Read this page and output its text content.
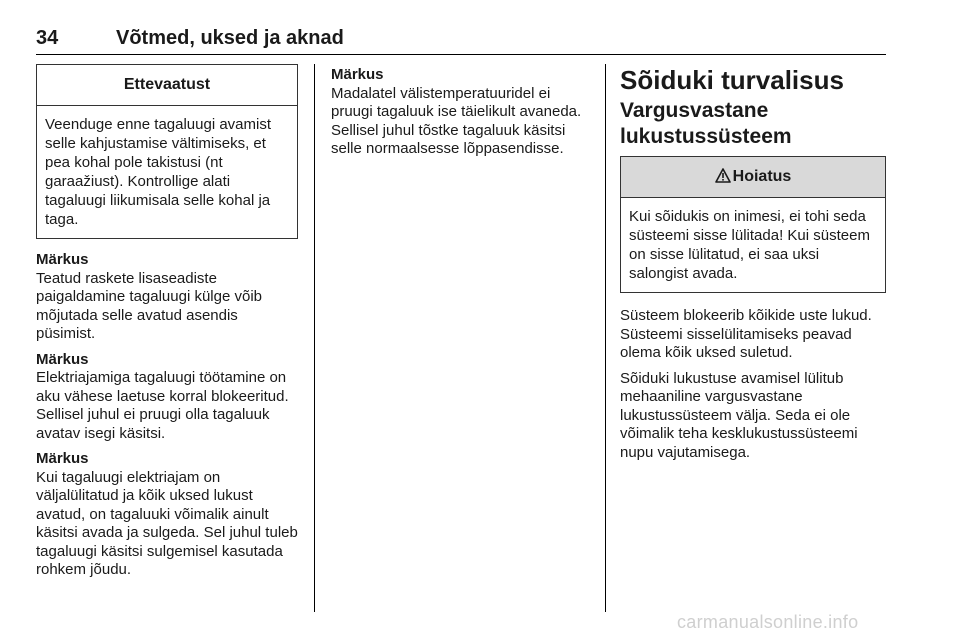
34	Võtmed, uksed ja aknad
Ettevaatust
Veenduge enne tagaluugi avamist selle kahjustamise vältimiseks, et pea kohal pole takistusi (nt garaažiust). Kontrollige alati tagaluugi liikumisala selle kohal ja taga.
Märkus
Teatud raskete lisaseadiste paigaldamine tagaluugi külge võib mõjutada selle avatud asendis püsimist.
Märkus
Elektriajamiga tagaluugi töötamine on aku vähese laetuse korral blokeeritud. Sellisel juhul ei pruugi olla tagaluuk avatav isegi käsitsi.
Märkus
Kui tagaluugi elektriajam on väljalülitatud ja kõik uksed lukust avatud, on tagaluuki võimalik ainult käsitsi avada ja sulgeda. Sel juhul tuleb tagaluugi käsitsi sulgemisel kasutada rohkem jõudu.
Märkus
Madalatel välistemperatuuridel ei pruugi tagaluuk ise täielikult avaneda. Sellisel juhul tõstke tagaluuk käsitsi selle normaalsesse lõppasendisse.
Sõiduki turvalisus
Vargusvastane lukustussüsteem
Hoiatus
Kui sõidukis on inimesi, ei tohi seda süsteemi sisse lülitada! Kui süsteem on sisse lülitatud, ei saa uksi salongist avada.
Süsteem blokeerib kõikide uste lukud. Süsteemi sisselülitamiseks peavad olema kõik uksed suletud.
Sõiduki lukustuse avamisel lülitub mehaaniline vargusvastane lukustussüsteem välja. Seda ei ole võimalik teha kesklukustussüsteemi nupu vajutamisega.
carmanualsonline.info
